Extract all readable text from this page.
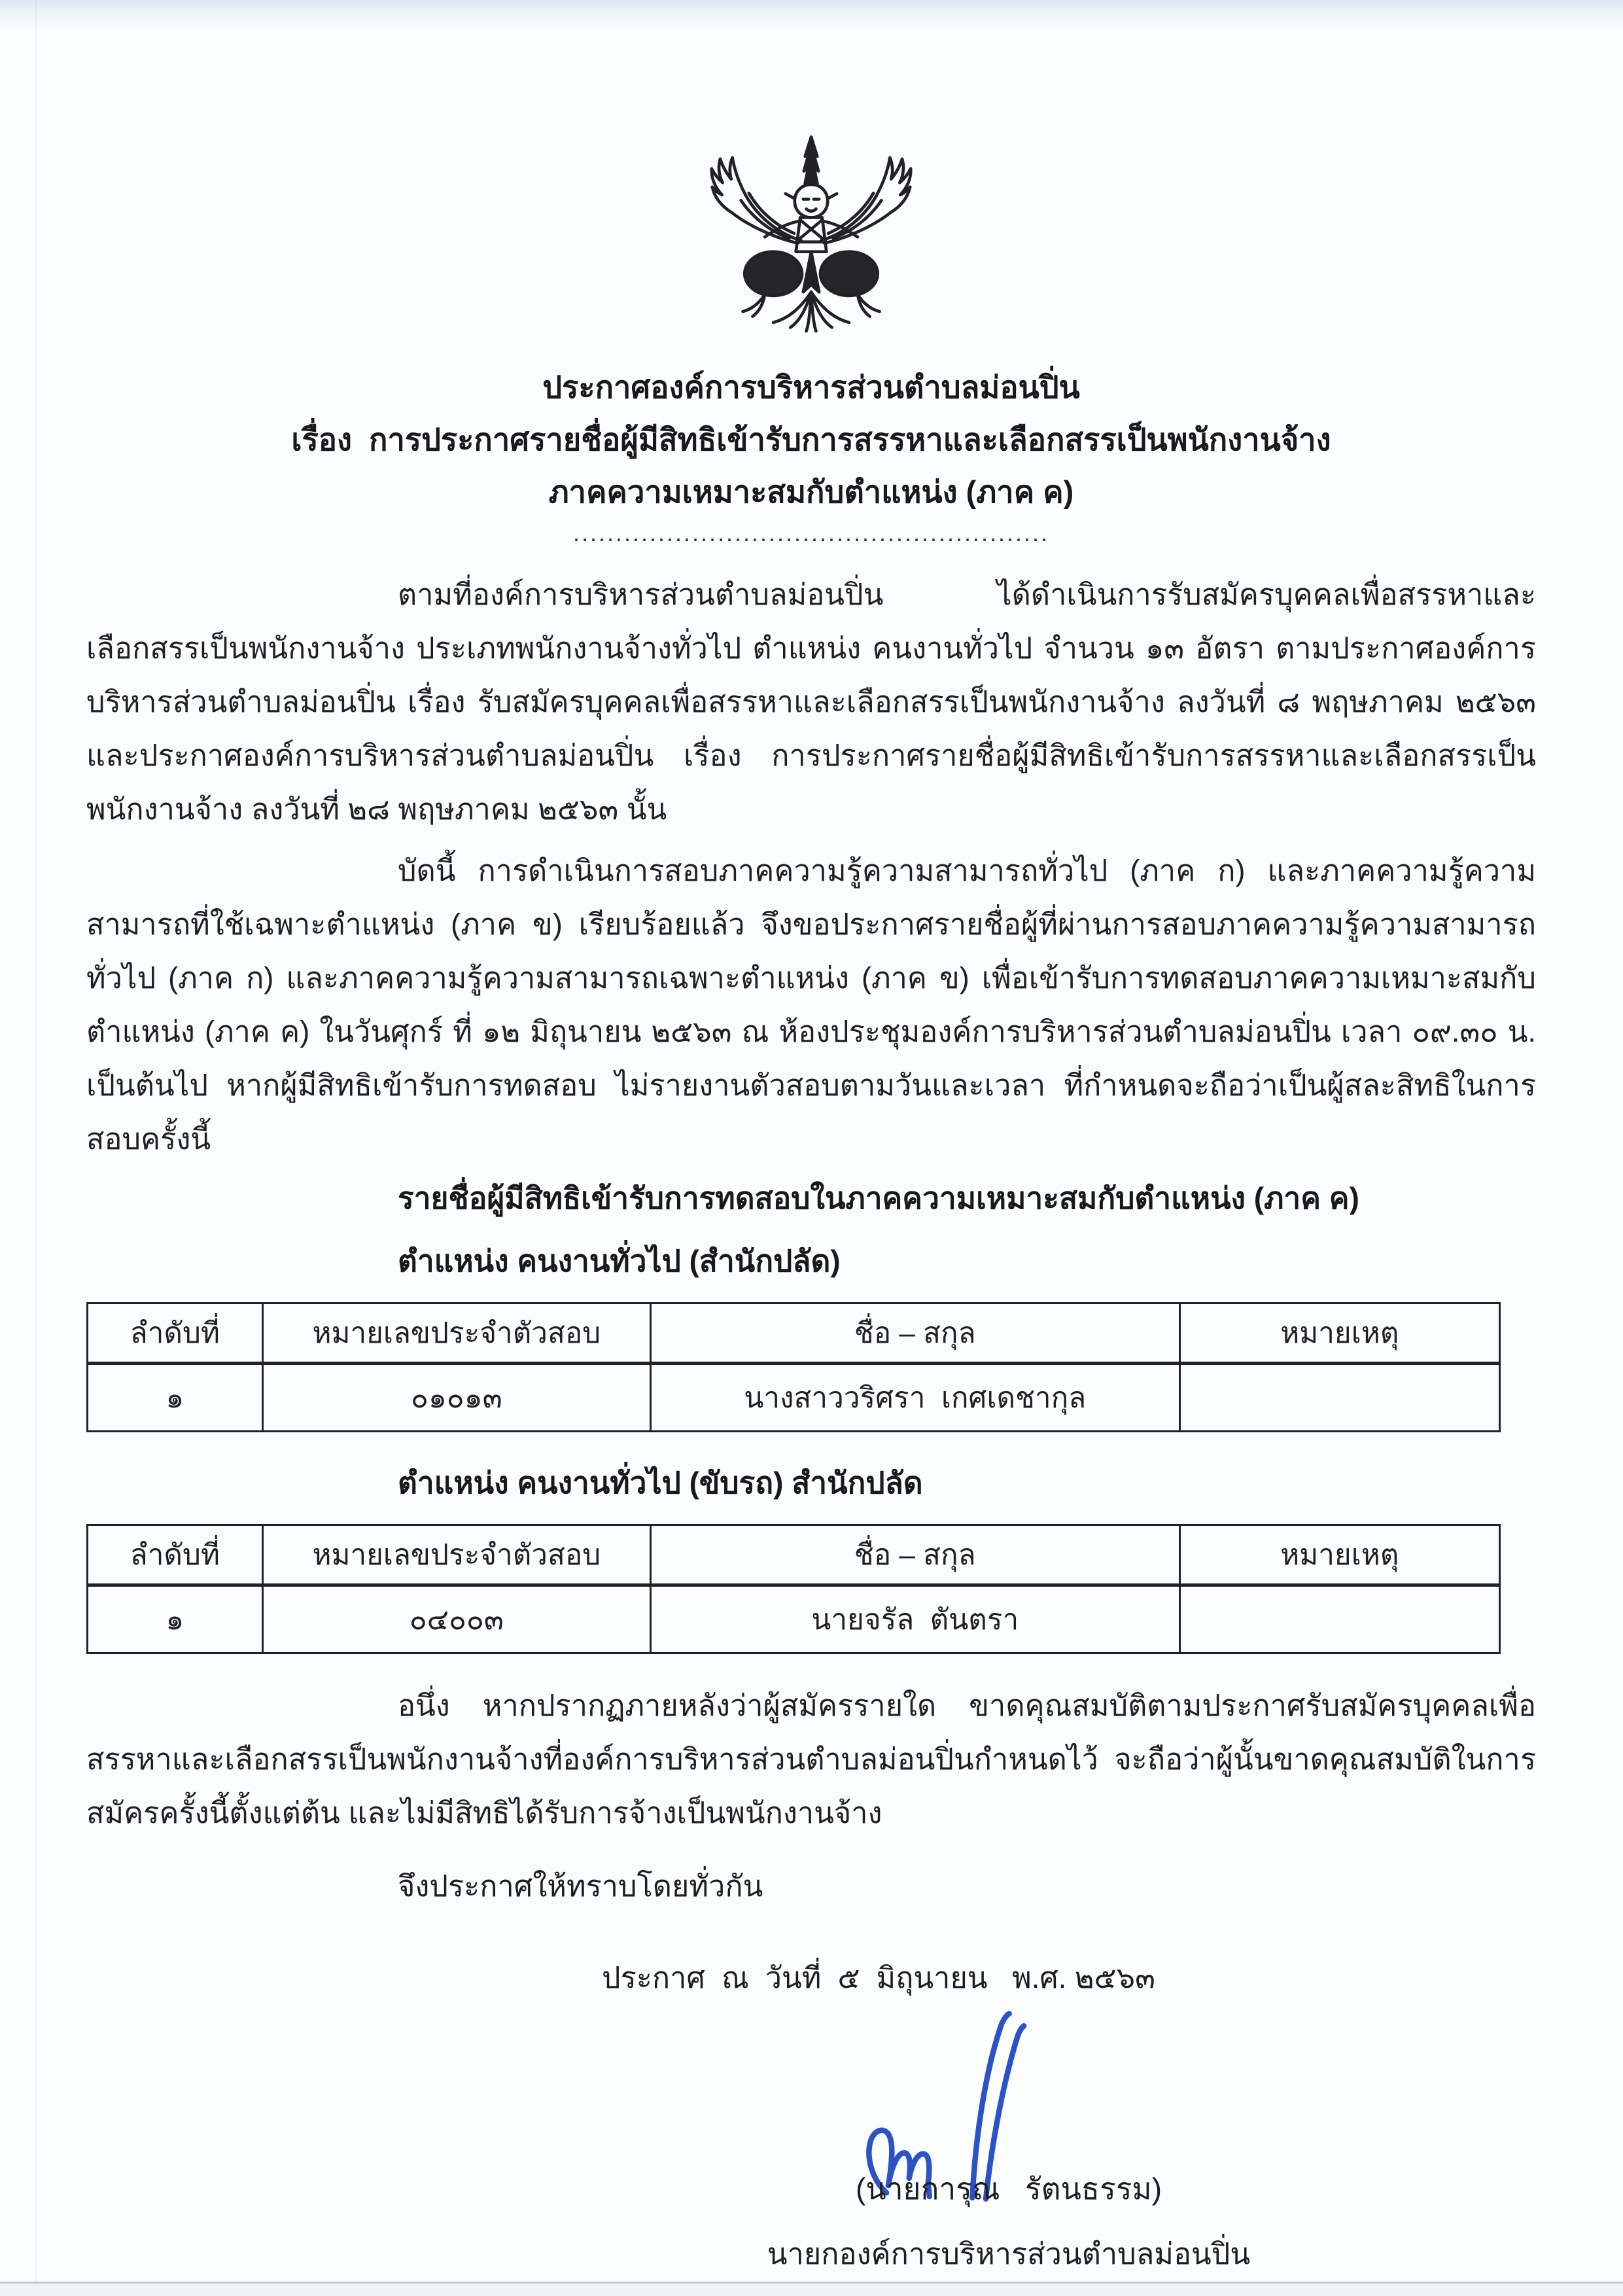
ประกาศองค์การบริหารส่วนตำบลม่อนปิ่น
เรื่อง  การประกาศรายชื่อผู้มีสิทธิเข้ารับการสรรหาและเลือกสรรเป็นพนักงานจ้าง
ภาคความเหมาะสมกับตำแหน่ง (ภาค ค)
........................................................

ตามที่องค์การบริหารส่วนตำบลม่อนปิ่น ได้ดำเนินการรับสมัครบุคคลเพื่อสรรหาและเลือกสรรเป็นพนักงานจ้าง ประเภทพนักงานจ้างทั่วไป ตำแหน่ง คนงานทั่วไป จำนวน ๑๓ อัตรา ตามประกาศองค์การบริหารส่วนตำบลม่อนปิ่น เรื่อง รับสมัครบุคคลเพื่อสรรหาและเลือกสรรเป็นพนักงานจ้าง ลงวันที่ ๘ พฤษภาคม ๒๕๖๓ และประกาศองค์การบริหารส่วนตำบลม่อนปิ่น เรื่อง การประกาศรายชื่อผู้มีสิทธิเข้ารับการสรรหาและเลือกสรรเป็นพนักงานจ้าง ลงวันที่ ๒๘ พฤษภาคม ๒๕๖๓ นั้น

บัดนี้ การดำเนินการสอบภาคความรู้ความสามารถทั่วไป (ภาค ก) และภาคความรู้ความสามารถที่ใช้เฉพาะตำแหน่ง (ภาค ข) เรียบร้อยแล้ว จึงขอประกาศรายชื่อผู้ที่ผ่านการสอบภาคความรู้ความสามารถทั่วไป (ภาค ก) และภาคความรู้ความสามารถเฉพาะตำแหน่ง (ภาค ข) เพื่อเข้ารับการทดสอบภาคความเหมาะสมกับตำแหน่ง (ภาค ค) ในวันศุกร์ ที่ ๑๒ มิถุนายน ๒๕๖๓ ณ ห้องประชุมองค์การบริหารส่วนตำบลม่อนปิ่น เวลา ๐๙.๓๐ น. เป็นต้นไป หากผู้มีสิทธิเข้ารับการทดสอบ ไม่รายงานตัวสอบตามวันและเวลา ที่กำหนดจะถือว่าเป็นผู้สละสิทธิในการสอบครั้งนี้

รายชื่อผู้มีสิทธิเข้ารับการทดสอบในภาคความเหมาะสมกับตำแหน่ง (ภาค ค)
ตำแหน่ง คนงานทั่วไป (สำนักปลัด)
ลำดับที่	หมายเลขประจำตัวสอบ	ชื่อ – สกุล	หมายเหตุ
๑	๐๑๐๑๓	นางสาววริศรา  เกศเดชากุล	
ตำแหน่ง คนงานทั่วไป (ขับรถ) สำนักปลัด
ลำดับที่	หมายเลขประจำตัวสอบ	ชื่อ – สกุล	หมายเหตุ
๑	๐๔๐๐๓	นายจรัล  ตันตรา	

อนึ่ง หากปรากฏภายหลังว่าผู้สมัครรายใด ขาดคุณสมบัติตามประกาศรับสมัครบุคคลเพื่อสรรหาและเลือกสรรเป็นพนักงานจ้างที่องค์การบริหารส่วนตำบลม่อนปิ่นกำหนดไว้ จะถือว่าผู้นั้นขาดคุณสมบัติในการสมัครครั้งนี้ตั้งแต่ต้น และไม่มีสิทธิได้รับการจ้างเป็นพนักงานจ้าง

จึงประกาศให้ทราบโดยทั่วกัน
ประกาศ  ณ  วันที่  ๕  มิถุนายน   พ.ศ. ๒๕๖๓
(นายการุณ   รัตนธรรม)
นายกองค์การบริหารส่วนตำบลม่อนปิ่น
